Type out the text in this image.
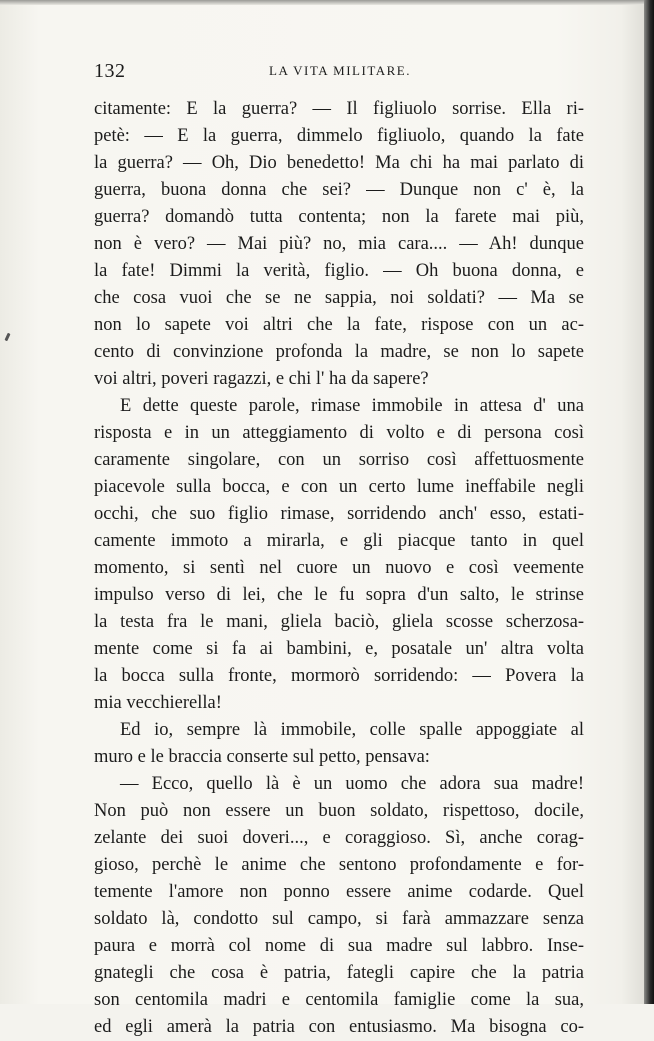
132	LA VITA MILITARE.
citamente: E la guerra? — Il figliuolo sorrise. Ella ri-
petè: — E la guerra, dimmelo figliuolo, quando la fate
la guerra? — Oh, Dio benedetto! Ma chi ha mai parlato di
guerra, buona donna che sei? — Dunque non c' è, la
guerra? domandò tutta contenta; non la farete mai più,
non è vero? — Mai più? no, mia cara.... — Ah! dunque
la fate! Dimmi la verità, figlio. — Oh buona donna, e
che cosa vuoi che se ne sappia, noi soldati? — Ma se
non lo sapete voi altri che la fate, rispose con un ac-
cento di convinzione profonda la madre, se non lo sapete
voi altri, poveri ragazzi, e chi l' ha da sapere?
E dette queste parole, rimase immobile in attesa d' una
risposta e in un atteggiamento di volto e di persona così
caramente singolare, con un sorriso così affettuosmente
piacevole sulla bocca, e con un certo lume ineffabile negli
occhi, che suo figlio rimase, sorridendo anch' esso, estati-
camente immoto a mirarla, e gli piacque tanto in quel
momento, si sentì nel cuore un nuovo e così veemente
impulso verso di lei, che le fu sopra d'un salto, le strinse
la testa fra le mani, gliela baciò, gliela scosse scherzosa-
mente come si fa ai bambini, e, posatale un' altra volta
la bocca sulla fronte, mormorò sorridendo: — Povera la
mia vecchierella!
Ed io, sempre là immobile, colle spalle appoggiate al
muro e le braccia conserte sul petto, pensava:
— Ecco, quello là è un uomo che adora sua madre!
Non può non essere un buon soldato, rispettoso, docile,
zelante dei suoi doveri..., e coraggioso. Sì, anche corag-
gioso, perchè le anime che sentono profondamente e for-
temente l'amore non ponno essere anime codarde. Quel
soldato là, condotto sul campo, si farà ammazzare senza
paura e morrà col nome di sua madre sul labbro. Inse-
gnategli che cosa è patria, fategli capire che la patria
son centomila madri e centomila famiglie come la sua,
ed egli amerà la patria con entusiasmo. Ma bisogna co-
